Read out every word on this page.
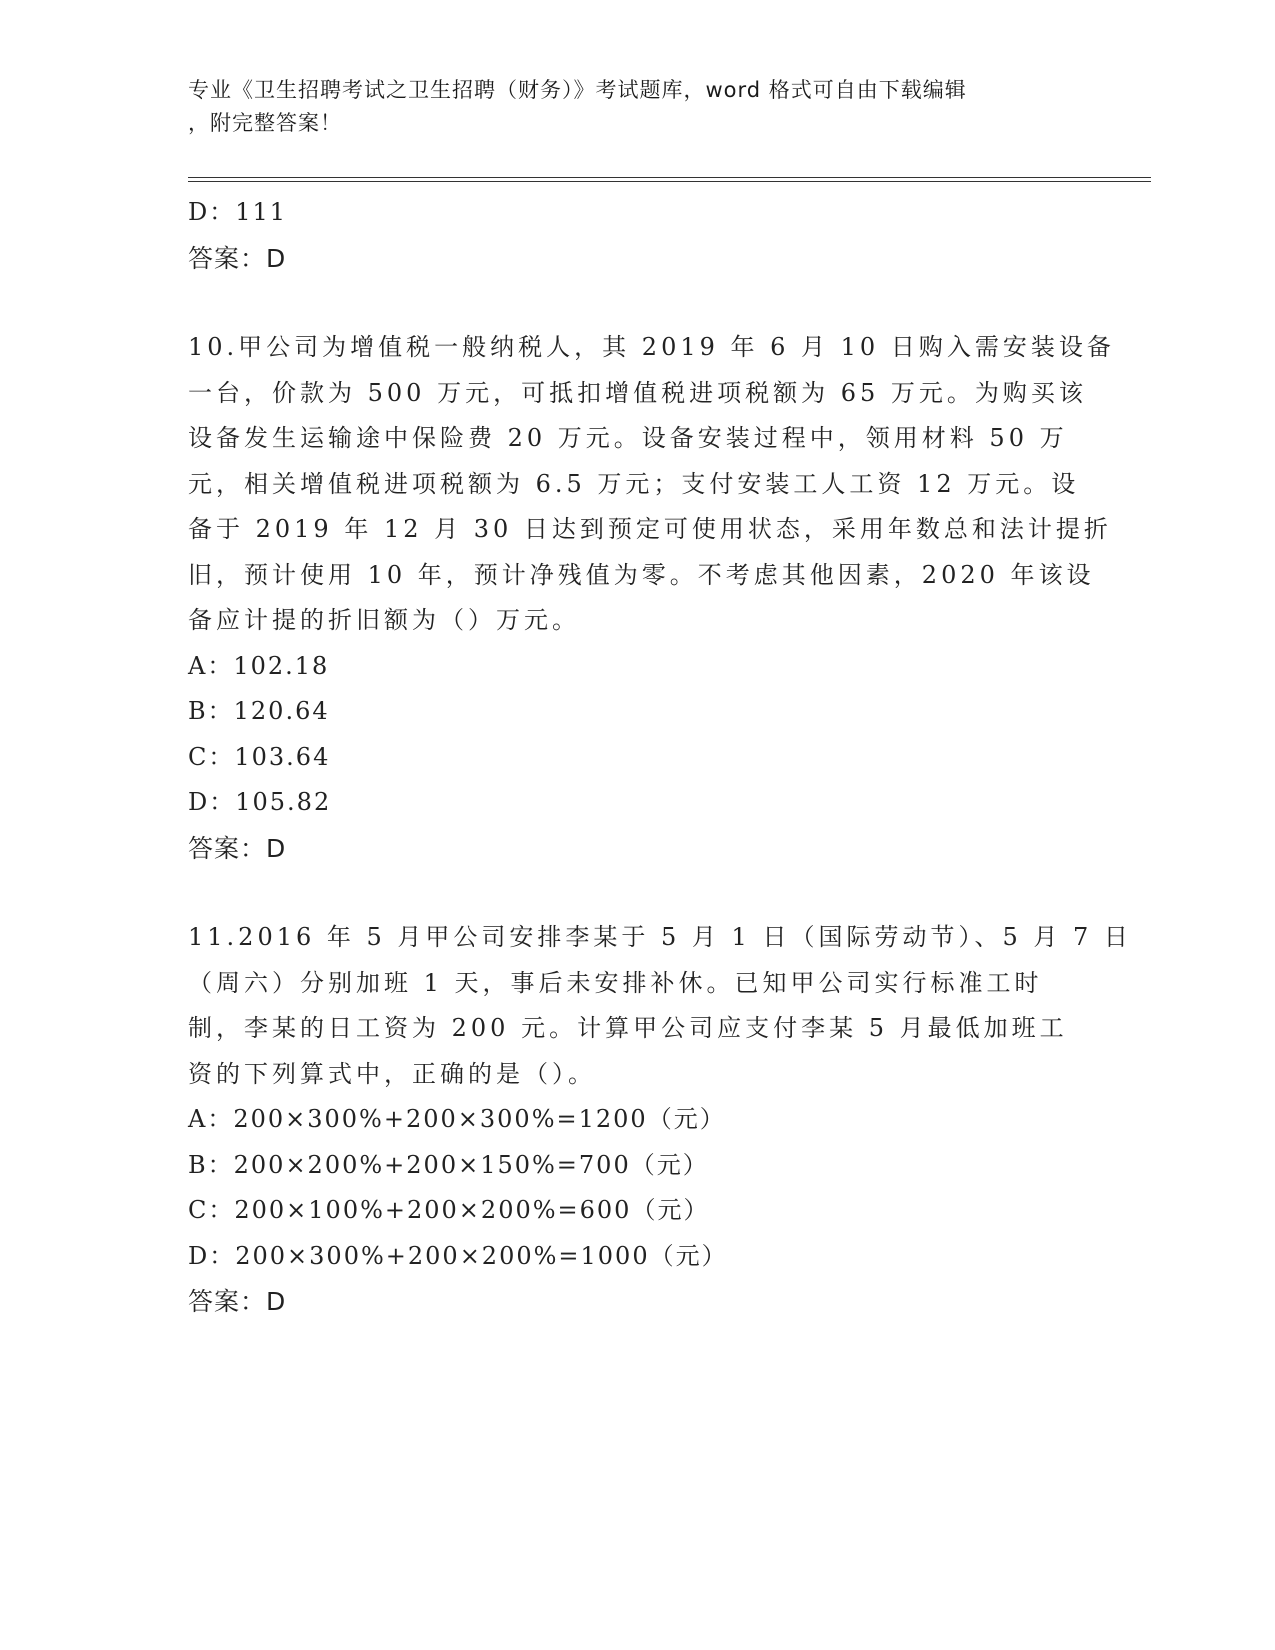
专业《卫生招聘考试之卫生招聘（财务）》考试题库，word 格式可自由下载编辑
，附完整答案！
D：111
答案：D
10.甲公司为增值税一般纳税人，其 2019 年 6 月 10 日购入需安装设备
一台，价款为 500 万元，可抵扣增值税进项税额为 65 万元。为购买该
设备发生运输途中保险费 20 万元。设备安装过程中，领用材料 50 万
元，相关增值税进项税额为 6.5 万元；支付安装工人工资 12 万元。设
备于 2019 年 12 月 30 日达到预定可使用状态，采用年数总和法计提折
旧，预计使用 10 年，预计净残值为零。不考虑其他因素，2020 年该设
备应计提的折旧额为（）万元。
A：102.18
B：120.64
C：103.64
D：105.82
答案：D
11.2016 年 5 月甲公司安排李某于 5 月 1 日（国际劳动节）、5 月 7 日
（周六）分别加班 1 天，事后未安排补休。已知甲公司实行标准工时
制，李某的日工资为 200 元。计算甲公司应支付李某 5 月最低加班工
资的下列算式中，正确的是（）。
A：200×300%+200×300%=1200（元）
B：200×200%+200×150%=700（元）
C：200×100%+200×200%=600（元）
D：200×300%+200×200%=1000（元）
答案：D
